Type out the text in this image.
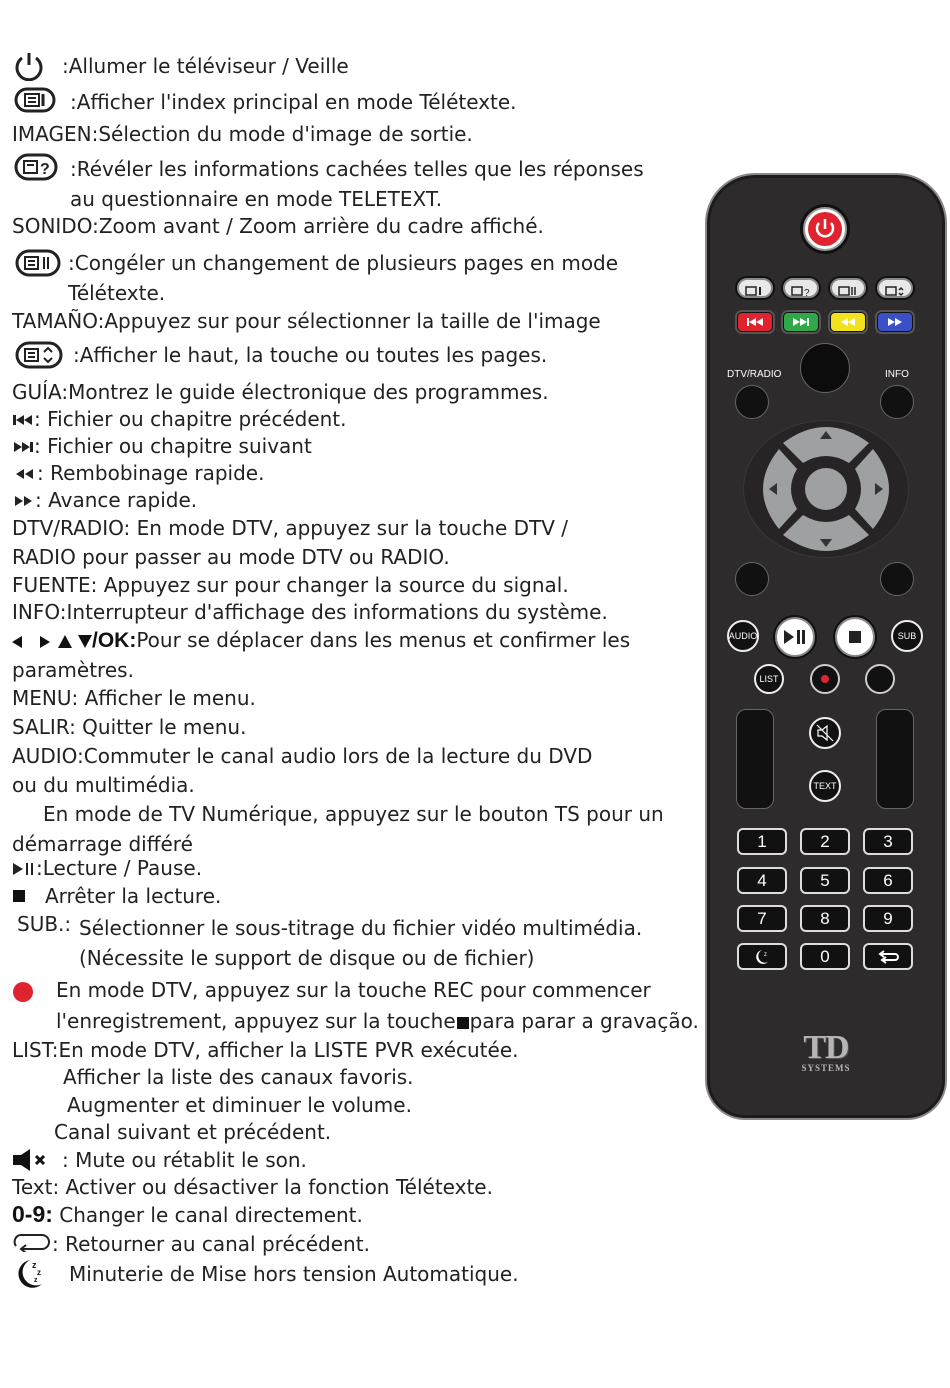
:Allumer le téléviseur / Veille
:Afficher l'index principal en mode Télétexte.
IMAGEN:Sélection du mode d'image de sortie.
? :Révéler les informations cachées telles que les réponses
au questionnaire en mode TELETEXT.
SONIDO:Zoom avant / Zoom arrière du cadre affiché.
:Congéler un changement de plusieurs pages en mode
Télétexte.
TAMAÑO:Appuyez sur pour sélectionner la taille de l'image
:Afficher le haut, la touche ou toutes les pages.
GUÍA:Montrez le guide électronique des programmes.
: Fichier ou chapitre précédent.
: Fichier ou chapitre suivant
: Rembobinage rapide.
: Avance rapide.
DTV/RADIO: En mode DTV, appuyez sur la touche DTV /
RADIO pour passer au mode DTV ou RADIO.
FUENTE: Appuyez sur pour changer la source du signal.
INFO:Interrupteur d'affichage des informations du système.
/OK:Pour se déplacer dans les menus et confirmer les
paramètres.
MENU: Afficher le menu.
SALIR: Quitter le menu.
AUDIO:Commuter le canal audio lors de la lecture du DVD
ou du multimédia.
En mode de TV Numérique, appuyez sur le bouton TS pour un
démarrage différé
:Lecture / Pause.
Arrêter la lecture.
SUB.: Sélectionner le sous-titrage du fichier vidéo multimédia.
(Nécessite le support de disque ou de fichier)
En mode DTV, appuyez sur la touche REC pour commencer
l'enregistrement, appuyez sur la touche para parar a gravação.
LIST:En mode DTV, afficher la LISTE PVR exécutée.
Afficher la liste des canaux favoris.
Augmenter et diminuer le volume.
Canal suivant et précédent.
: Mute ou rétablit le son.
Text: Activer ou désactiver la fonction Télétexte.
0-9: Changer le canal directement.
: Retourner au canal précédent.
z
z
z Minuterie de Mise hors tension Automatique.
?
DTV/RADIO	INFO
AUDIO	SUB
LIST
TEXT
1	2	3
4	5	6
7	8	9
z	0
TD
SYSTEMS
